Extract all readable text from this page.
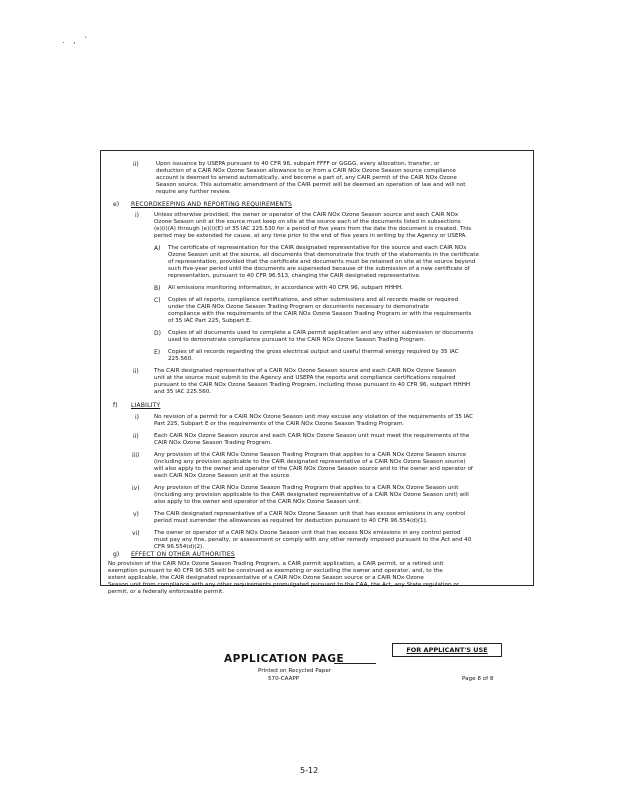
. , `
ii)	Upon issuance by USEPA pursuant to 40 CFR 96, subpart FFFF or GGGG, every allocation, transfer, or
deduction of a CAIR NOx Ozone Season allowance to or from a CAIR NOx Ozone Season source compliance
account is deemed to amend automatically, and become a part of, any CAIR permit of the CAIR NOx Ozone
Season source. This automatic amendment of the CAIR permit will be deemed an operation of law and will not
require any further review.
e) RECORDKEEPING AND REPORTING REQUIREMENTS
i)	Unless otherwise provided, the owner or operator of the CAIR NOx Ozone Season source and each CAIR NOx
Ozone Season unit at the source must keep on site at the source each of the documents listed in subsections
(e)(i)(A) through (e)(i)(E) of 35 IAC 225.530 for a period of five years from the date the document is created. This
period may be extended for cause, at any time prior to the end of five years in writing by the Agency or USEPA.
A) The certificate of representation for the CAIR designated representative for the source and each CAIR NOx
Ozone Season unit at the source, all documents that demonstrate the truth of the statements in the certificate
of representation, provided that the certificate and documents must be retained on site at the source beyond
such five-year period until the documents are superseded because of the submission of a new certificate of
representation, pursuant to 40 CFR 96.513, changing the CAIR designated representative.
B) All emissions monitoring information, in accordance with 40 CFR 96, subpart HHHH.
C) Copies of all reports, compliance certifications, and other submissions and all records made or required
under the CAIR NOx Ozone Season Trading Program or documents necessary to demonstrate
compliance with the requirements of the CAIR NOx Ozone Season Trading Program or with the requirements
of 35 IAC Part 225, Subpart E.
D) Copies of all documents used to complete a CAIR permit application and any other submission or documents
used to demonstrate compliance pursuant to the CAIR NOx Ozone Season Trading Program.
E) Copies of all records regarding the gross electrical output and useful thermal energy required by 35 IAC
225.560.
ii)	The CAIR designated representative of a CAIR NOx Ozone Season source and each CAIR NOx Ozone Season
unit at the source must submit to the Agency and USEPA the reports and compliance certifications required
pursuant to the CAIR NOx Ozone Season Trading Program, including those pursuant to 40 CFR 96, subpart HHHH
and 35 IAC 225.560.
f) LIABILITY
i)	No revision of a permit for a CAIR NOx Ozone Season unit may excuse any violation of the requirements of 35 IAC
Part 225, Subpart E or the requirements of the CAIR NOx Ozone Season Trading Program.
ii)	Each CAIR NOx Ozone Season source and each CAIR NOx Ozone Season unit must meet the requirements of the
CAIR NOx Ozone Season Trading Program.
iii)	Any provision of the CAIR NOx Ozone Season Trading Program that applies to a CAIR NOx Ozone Season source
(including any provision applicable to the CAIR designated representative of a CAIR NOx Ozone Season source)
will also apply to the owner and operator of the CAIR NOx Ozone Season source and to the owner and operator of
each CAIR NOx Ozone Season unit at the source.
iv)	Any provision of the CAIR NOx Ozone Season Trading Program that applies to a CAIR NOx Ozone Season unit
(including any provision applicable to the CAIR designated representative of a CAIR NOx Ozone Season unit) will
also apply to the owner and operator of the CAIR NOx Ozone Season unit.
v)	The CAIR designated representative of a CAIR NOx Ozone Season unit that has excess emissions in any control
period must surrender the allowances as required for deduction pursuant to 40 CFR 96.554(d)(1).
vi)	The owner or operator of a CAIR NOx Ozone Season unit that has excess NOx emissions in any control period
must pay any fine, penalty, or assessment or comply with any other remedy imposed pursuant to the Act and 40
CFR 96.554(d)(2).
g) EFFECT ON OTHER AUTHORITIES
No provision of the CAIR NOx Ozone Season Trading Program, a CAIR permit application, a CAIR permit, or a retired unit
exemption pursuant to 40 CFR 96.505 will be construed as exempting or excluding the owner and operator, and, to the
extent applicable, the CAIR designated representative of a CAIR NOx Ozone Season source or a CAIR NOx Ozone
Season unit from compliance with any other requirements promulgated pursuant to the CAA, the Act, any State regulation or
permit, or a federally enforceable permit.
APPLICATION PAGE
FOR APPLICANT'S USE
Printed on Recycled Paper
570-CAAPP	Page 8 of 8
5-12
